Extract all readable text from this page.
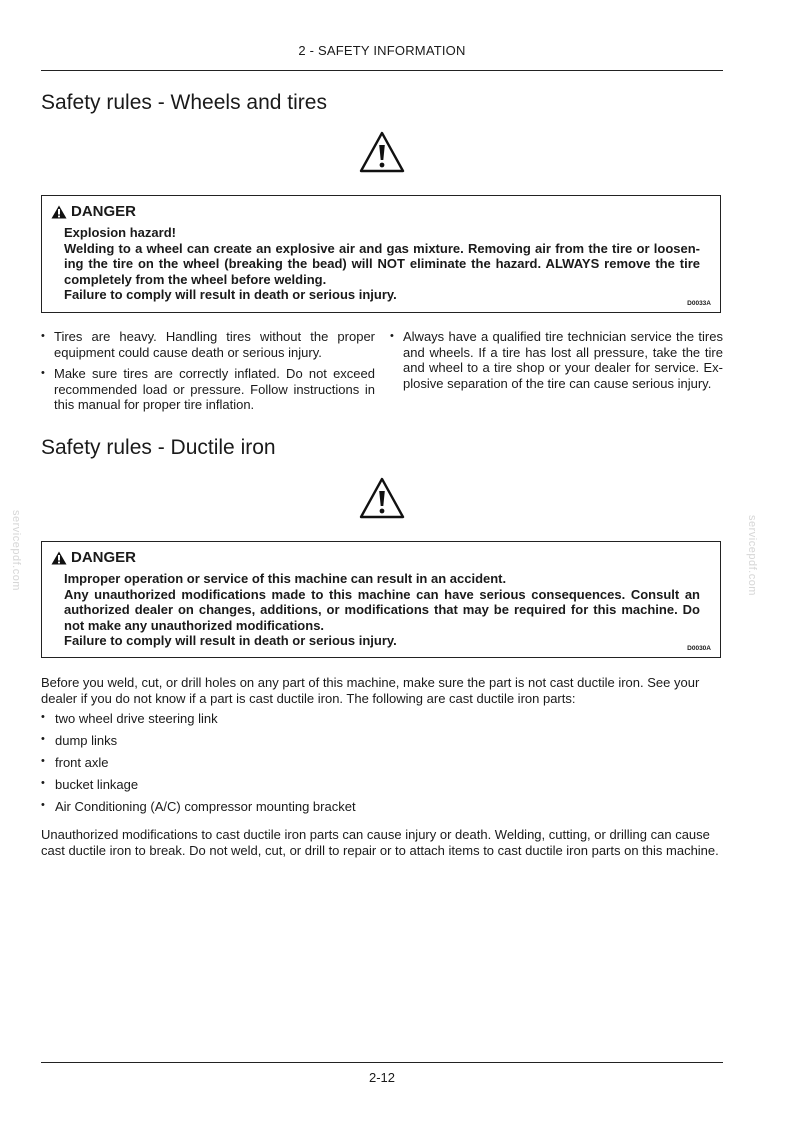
2 - SAFETY INFORMATION
Safety rules - Wheels and tires
DANGER

Explosion hazard!

Welding to a wheel can create an explosive air and gas mixture. Removing air from the tire or loosen-ing the tire on the wheel (breaking the bead) will NOT eliminate the hazard. ALWAYS remove the tire completely from the wheel before welding.

Failure to comply will result in death or serious injury.

D0033A
• Tires are heavy. Handling tires without the proper equipment could cause death or serious injury.
• Make sure tires are correctly inflated. Do not exceed recommended load or pressure. Follow instructions in this manual for proper tire inflation.
• Always have a qualified tire technician service the tires and wheels. If a tire has lost all pressure, take the tire and wheel to a tire shop or your dealer for service. Ex-plosive separation of the tire can cause serious injury.
Safety rules - Ductile iron
DANGER

Improper operation or service of this machine can result in an accident.

Any unauthorized modifications made to this machine can have serious consequences. Consult an authorized dealer on changes, additions, or modifications that may be required for this machine. Do not make any unauthorized modifications.

Failure to comply will result in death or serious injury.

D0030A

Before you weld, cut, or drill holes on any part of this machine, make sure the part is not cast ductile iron. See your dealer if you do not know if a part is cast ductile iron. The following are cast ductile iron parts:

• two wheel drive steering link
• dump links
• front axle
• bucket linkage
• Air Conditioning (A/C) compressor mounting bracket

Unauthorized modifications to cast ductile iron parts can cause injury or death. Welding, cutting, or drilling can cause cast ductile iron to break. Do not weld, cut, or drill to repair or to attach items to cast ductile iron parts on this machine.

servicepdf.com	servicepdf.com
2-12
